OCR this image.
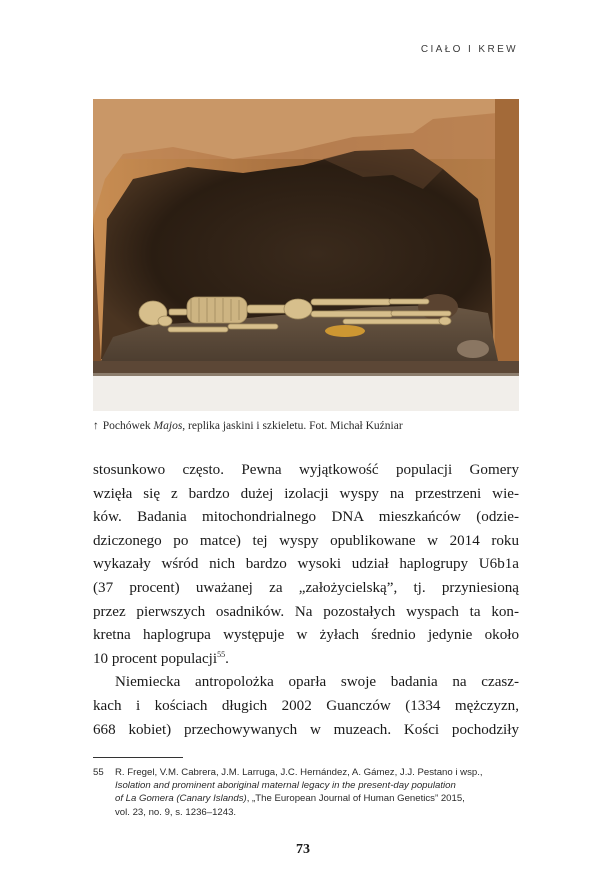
CIAŁO I KREW
↑ Pochówek Majos, replika jaskini i szkieletu. Fot. Michał Kuźniar
stosunkowo często. Pewna wyjątkowość populacji Gomery
wzięła się z bardzo dużej izolacji wyspy na przestrzeni wie-
ków. Badania mitochondrialnego DNA mieszkańców (odzie-
dziczonego po matce) tej wyspy opublikowane w 2014 roku
wykazały wśród nich bardzo wysoki udział haplogrupy U6b1a
(37 procent) uważanej za „założycielską”, tj. przyniesioną
przez pierwszych osadników. Na pozostałych wyspach ta kon-
kretna haplogrupa występuje w żyłach średnio jedynie około
10 procent populacji$^{55}$.
Niemiecka antropolożka oparła swoje badania na czasz-
kach i kościach długich 2002 Guanczów (1334 mężczyzn,
668 kobiet) przechowywanych w muzeach. Kości pochodziły
55 R. Fregel, V.M. Cabrera, J.M. Larruga, J.C. Hernández, A. Gámez, J.J. Pestano i wsp.,
Isolation and prominent aboriginal maternal legacy in the present-day population
of La Gomera (Canary Islands), „The European Journal of Human Genetics” 2015,
vol. 23, no. 9, s. 1236–1243.
73
